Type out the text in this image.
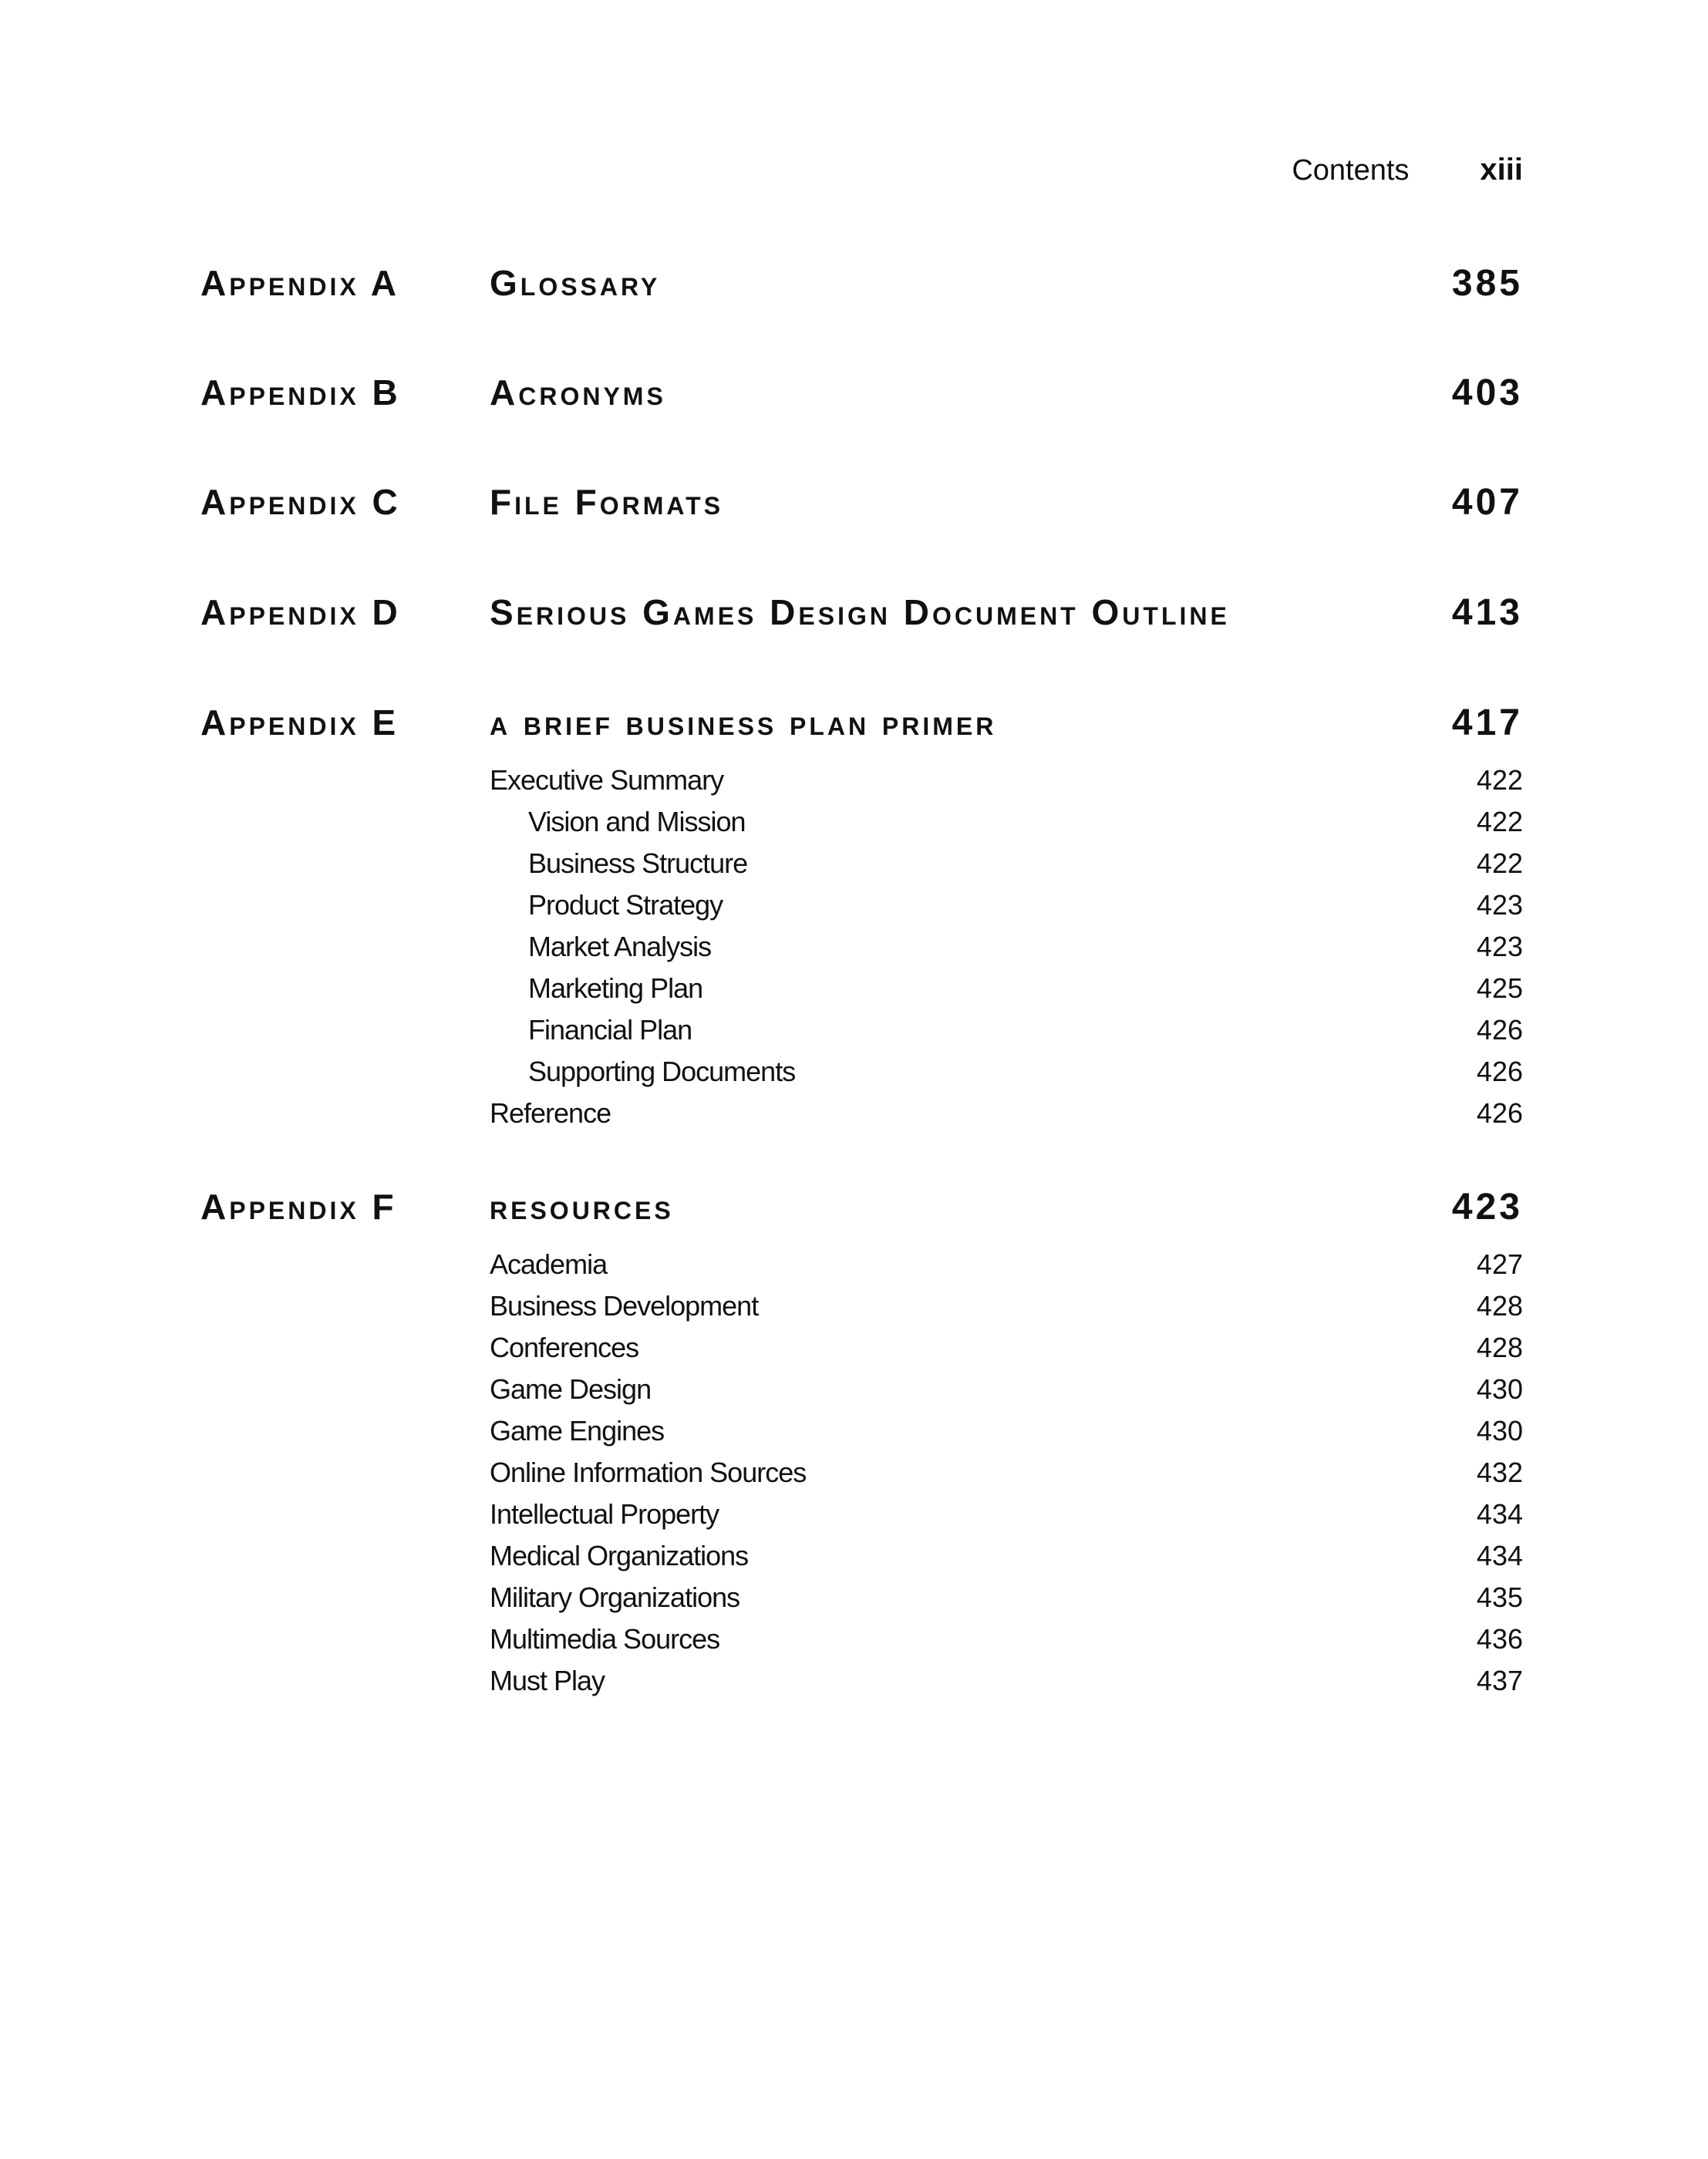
Contents xiii
Appendix A	Glossary	385
Appendix B	Acronyms	403
Appendix C	File Formats	407
Appendix D	Serious Games Design Document Outline	413
Appendix E	a brief business plan primer	417
Executive Summary	422
Vision and Mission	422
Business Structure	422
Product Strategy	423
Market Analysis	423
Marketing Plan	425
Financial Plan	426
Supporting Documents	426
Reference	426
Appendix F	resources	423
Academia	427
Business Development	428
Conferences	428
Game Design	430
Game Engines	430
Online Information Sources	432
Intellectual Property	434
Medical Organizations	434
Military Organizations	435
Multimedia Sources	436
Must Play	437
